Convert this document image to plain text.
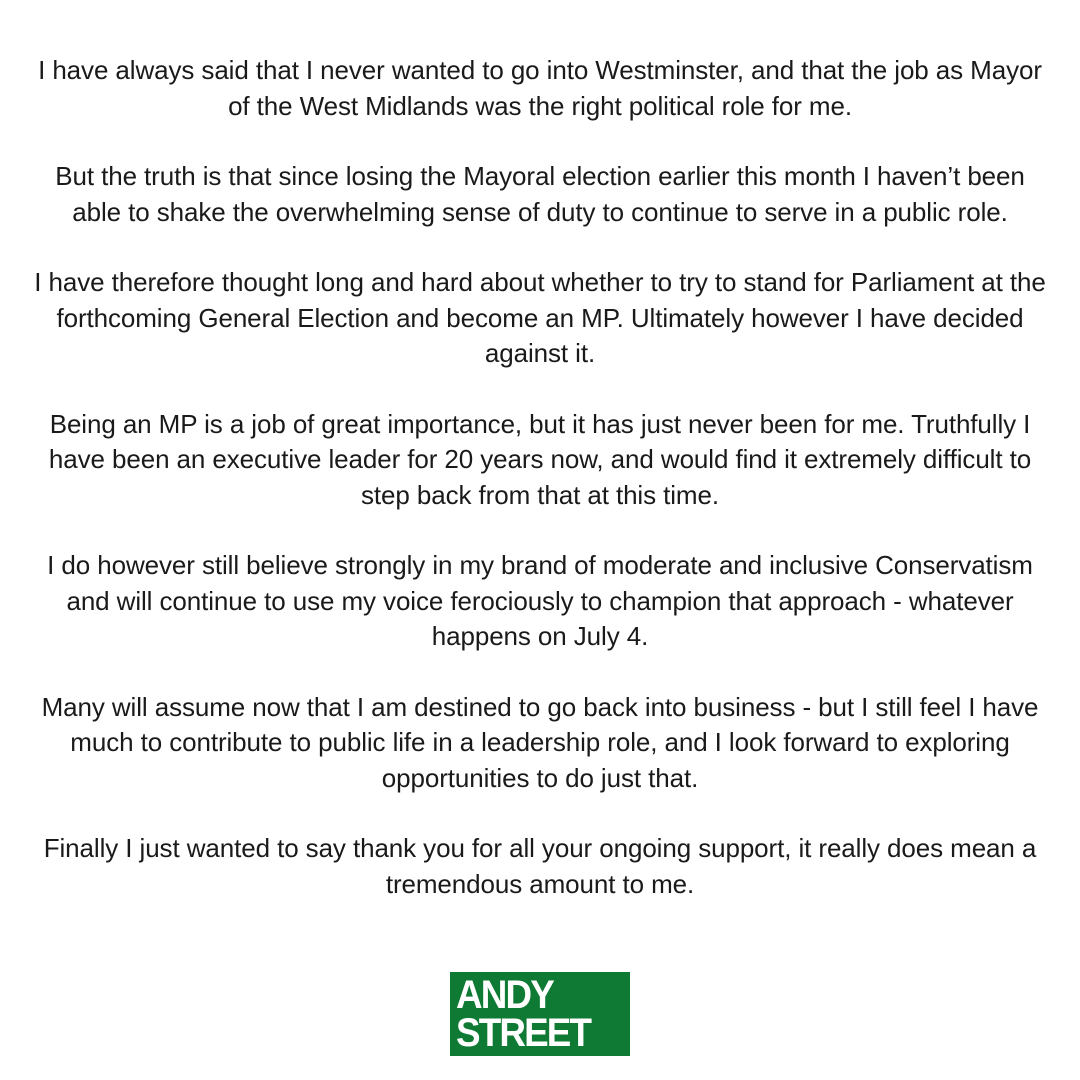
I have always said that I never wanted to go into Westminster, and that the job as Mayor of the West Midlands was the right political role for me.

But the truth is that since losing the Mayoral election earlier this month I haven’t been able to shake the overwhelming sense of duty to continue to serve in a public role.

I have therefore thought long and hard about whether to try to stand for Parliament at the forthcoming General Election and become an MP. Ultimately however I have decided against it.

Being an MP is a job of great importance, but it has just never been for me. Truthfully I have been an executive leader for 20 years now, and would find it extremely difficult to step back from that at this time.

I do however still believe strongly in my brand of moderate and inclusive Conservatism and will continue to use my voice ferociously to champion that approach - whatever happens on July 4.

Many will assume now that I am destined to go back into business - but I still feel I have much to contribute to public life in a leadership role, and I look forward to exploring opportunities to do just that.

Finally I just wanted to say thank you for all your ongoing support, it really does mean a tremendous amount to me.

ANDY
STREET
